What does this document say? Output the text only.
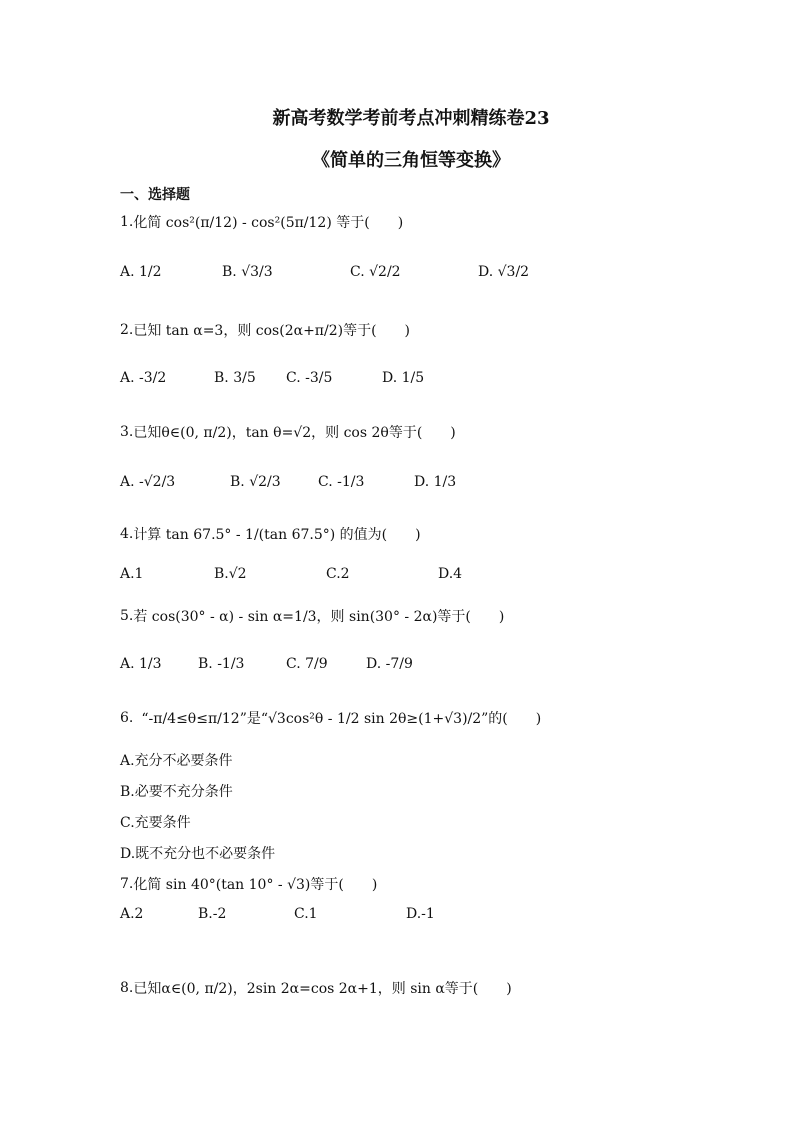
新高考数学考前考点冲刺精练卷23
《简单的三角恒等变换》
一、选择题
1. 化简 cos²(π/12) - cos²(5π/12) 等于(　　)
A. 1/2	B. √3/3	C. √2/2	D. √3/2
2. 已知 tan α=3，则 cos(2α+π/2)等于(　　)
A. -3/2	B. 3/5 C. -3/5	D. 1/5
3. 已知θ∈(0, π/2)，tan θ=√2，则 cos 2θ等于(　　)
A. -√2/3	B. √2/3	C. -1/3	D. 1/3
4. 计算 tan 67.5° - 1/(tan 67.5°) 的值为(　　)
A.1	B.√2	C.2	D.4
5. 若 cos(30° - α) - sin α=1/3，则 sin(30° - 2α)等于(　　)
A. 1/3	B. -1/3	C. 7/9	D. -7/9
6. “-π/4≤θ≤π/12”是“√3cos²θ - 1/2 sin 2θ≥(1+√3)/2”的(　　)
A.充分不必要条件
B.必要不充分条件
C.充要条件
D.既不充分也不必要条件
7. 化简 sin 40°(tan 10° - √3)等于(　　)
A.2	B.-2	C.1	D.-1
8. 已知α∈(0, π/2)，2sin 2α=cos 2α+1，则 sin α等于(　　)
